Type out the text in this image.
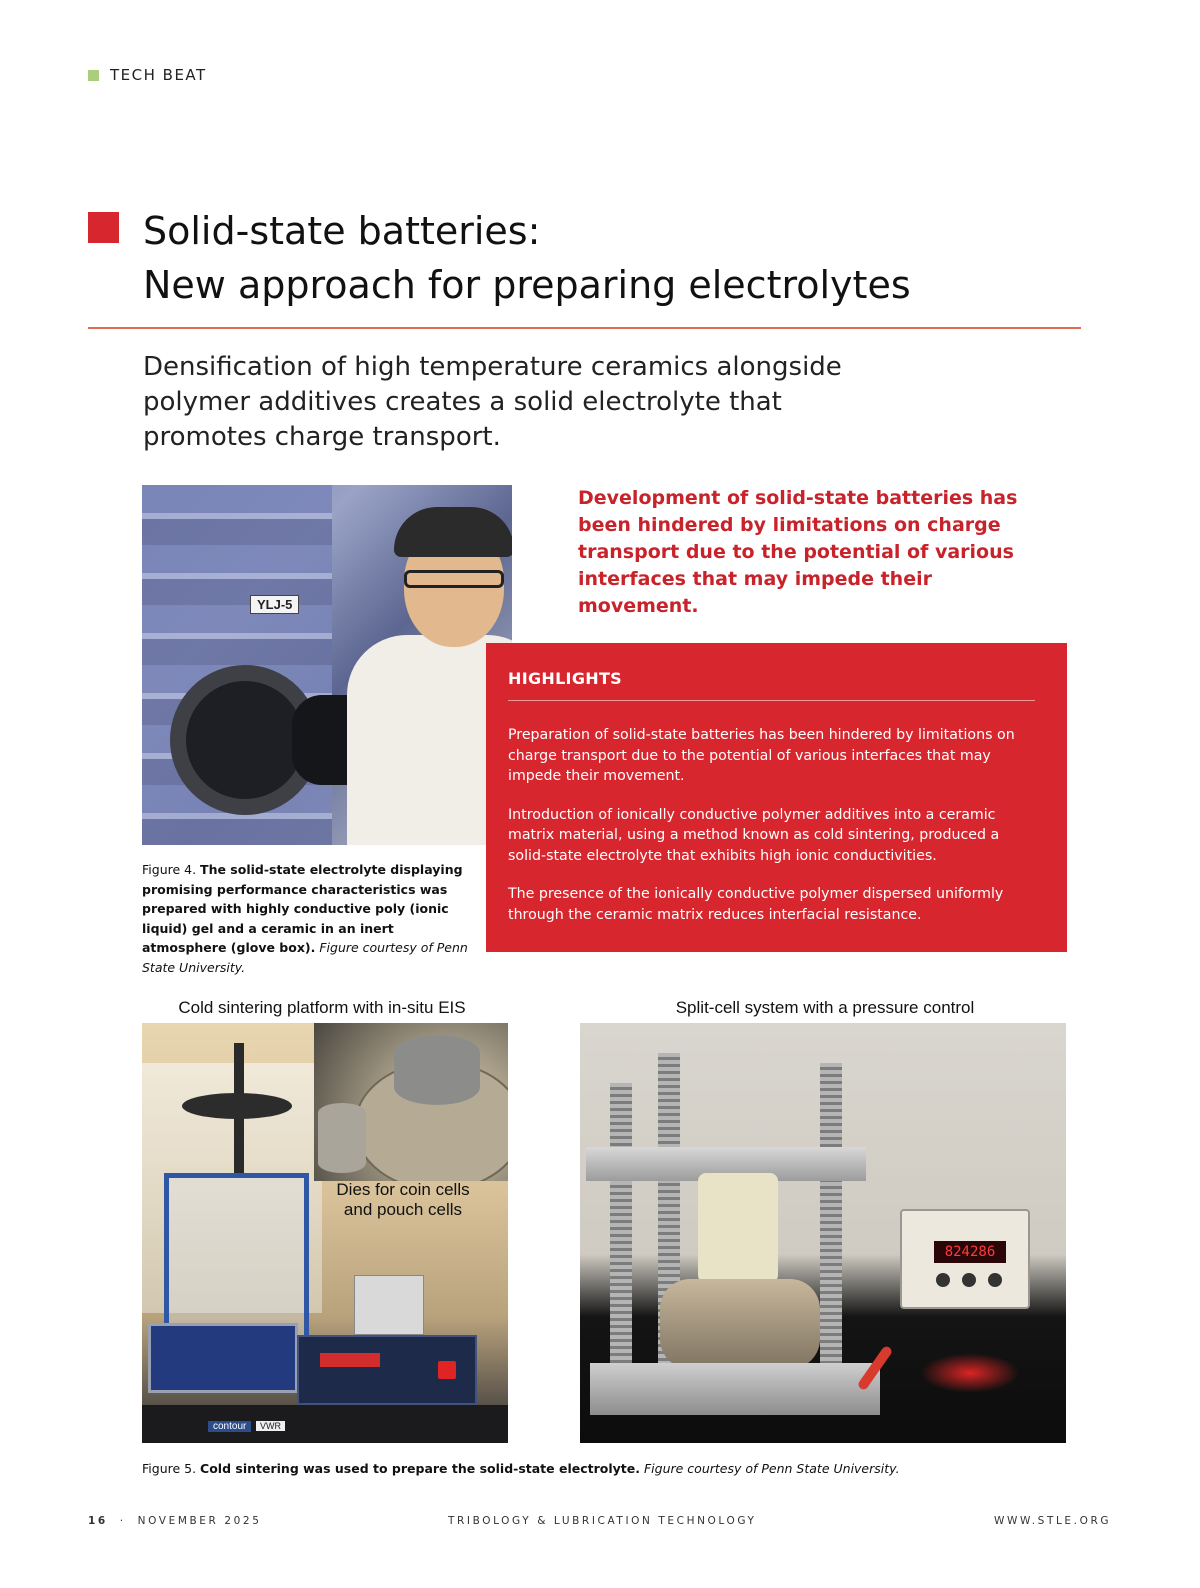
TECH BEAT
Solid-state batteries:
New approach for preparing electrolytes

Densification of high temperature ceramics alongside polymer additives creates a solid electrolyte that promotes charge transport.

Development of solid-state batteries has been hindered by limitations on charge transport due to the potential of various interfaces that may impede their movement.

YLJ-5

Figure 4. The solid-state electrolyte displaying promising performance characteristics was prepared with highly conductive poly (ionic liquid) gel and a ceramic in an inert atmosphere (glove box). Figure courtesy of Penn State University.

HIGHLIGHTS

Preparation of solid-state batteries has been hindered by limitations on charge transport due to the potential of various interfaces that may impede their movement.

Introduction of ionically conductive polymer additives into a ceramic matrix material, using a method known as cold sintering, produced a solid-state electrolyte that exhibits high ionic conductivities.

The presence of the ionically conductive polymer dispersed uniformly through the ceramic matrix reduces interfacial resistance.

Cold sintering platform with in-situ EIS	Split-cell system with a pressure control
contour	VWR
Dies for coin cells
and pouch cells
824286

Figure 5. Cold sintering was used to prepare the solid-state electrolyte. Figure courtesy of Penn State University.

16 · NOVEMBER 2025	TRIBOLOGY & LUBRICATION TECHNOLOGY	WWW.STLE.ORG
